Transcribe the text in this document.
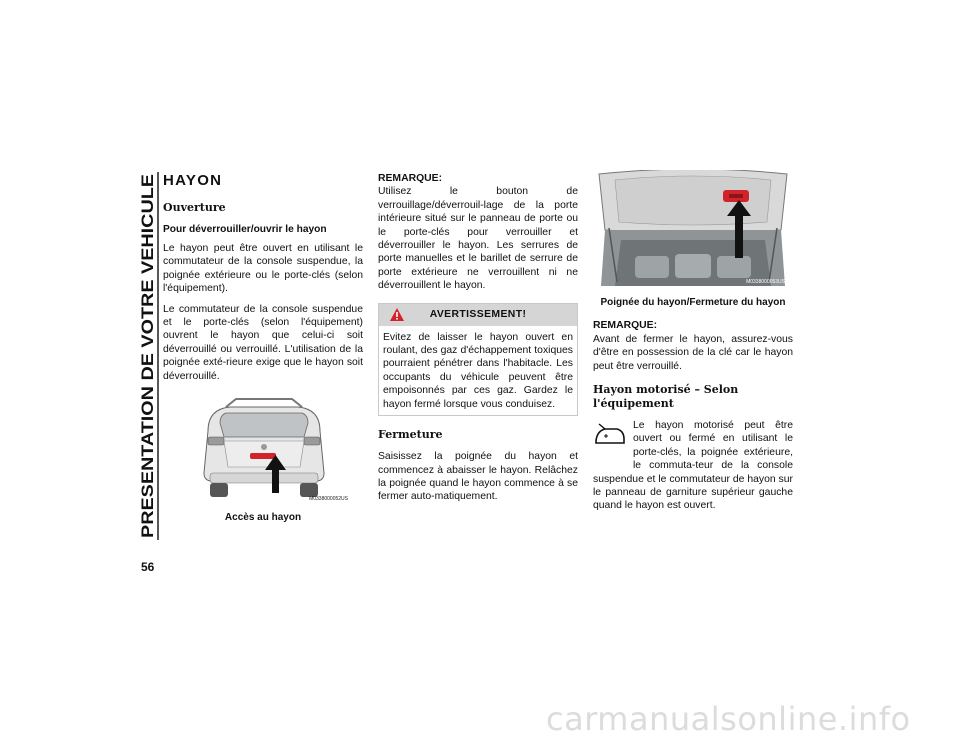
PRESENTATION DE VOTRE VEHICULE
56
HAYON
Ouverture
Pour déverrouiller/ouvrir le hayon

Le hayon peut être ouvert en utilisant le commutateur de la console suspendue, la poignée extérieure ou le porte-clés (selon l'équipement).

Le commutateur de la console suspendue et le porte-clés (selon l'équipement) ouvrent le hayon que celui-ci soit déverrouillé ou verrouillé. L'utilisation de la poignée exté-rieure exige que le hayon soit déverrouillé.

M0338000052US
Accès au hayon
REMARQUE:

Utilisez le bouton de verrouillage/déverrouil-lage de la porte intérieure situé sur le panneau de porte ou le porte-clés pour verrouiller et déverrouiller le hayon. Les serrures de porte manuelles et le barillet de serrure de porte extérieure ne verrouillent ni ne déverrouillent le hayon.

AVERTISSEMENT!
Evitez de laisser le hayon ouvert en roulant, des gaz d'échappement toxiques pourraient pénétrer dans l'habitacle. Les occupants du véhicule peuvent être empoisonnés par ces gaz. Gardez le hayon fermé lorsque vous conduisez.
Fermeture

Saisissez la poignée du hayon et commencez à abaisser le hayon. Relâchez la poignée quand le hayon commence à se fermer auto-matiquement.

M0338000053US
Poignée du hayon/Fermeture du hayon
REMARQUE:

Avant de fermer le hayon, assurez-vous d'être en possession de la clé car le hayon peut être verrouillé.

Hayon motorisé – Selon l'équipement

Le hayon motorisé peut être ouvert ou fermé en utilisant le porte-clés, la poignée extérieure, le commuta-teur de la console suspendue et le commutateur de hayon sur le panneau de garniture supérieur gauche quand le hayon est ouvert.

carmanualsonline.info
